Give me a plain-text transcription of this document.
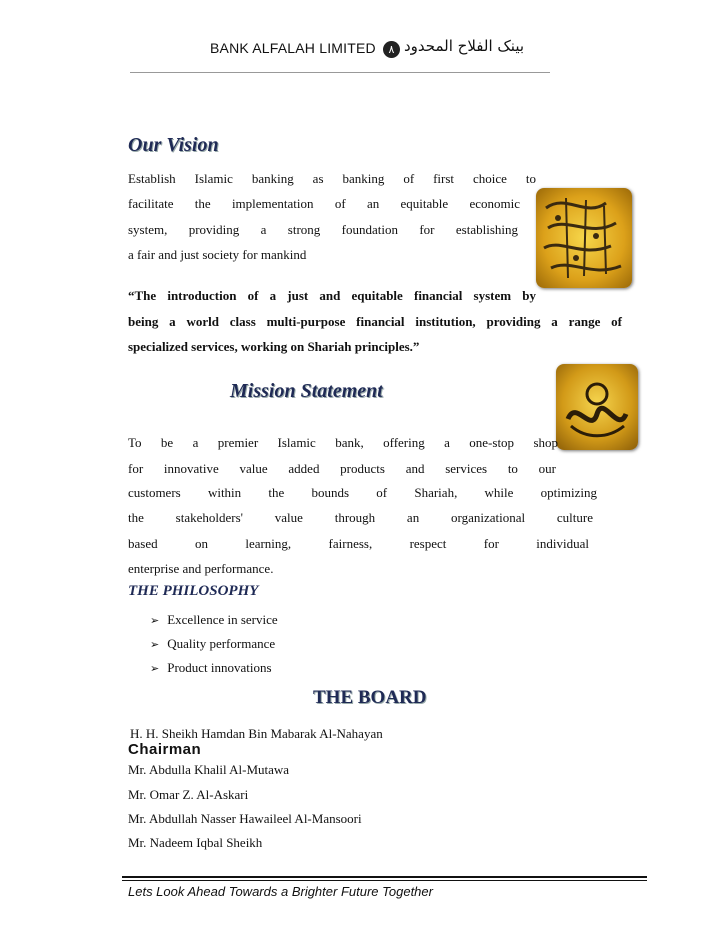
BANK ALFALAH LIMITED	٨ بینک الفلاح المحدود
Our Vision
Establish Islamic banking as banking of first choice to
facilitate the implementation of an equitable economic
system, providing a strong foundation for establishing
a fair and just society for mankind
“The introduction of a just and equitable financial system by
being a world class multi-purpose financial institution, providing a range of
specialized services, working on Shariah principles.”
Mission Statement
To be a premier Islamic bank, offering a one-stop shop
for innovative value added products and services to our
customers within the bounds of Shariah, while optimizing
the stakeholders' value through an organizational culture
based on learning, fairness, respect for individual
enterprise and performance.
THE PHILOSOPHY
➢ Excellence in service
➢ Quality performance
➢ Product innovations
THE BOARD
H. H. Sheikh Hamdan Bin Mabarak Al-Nahayan
Chairman
Mr. Abdulla Khalil Al-Mutawa
Mr. Omar Z. Al-Askari
Mr. Abdullah Nasser Hawaileel Al-Mansoori
Mr. Nadeem Iqbal Sheikh
Lets Look Ahead Towards a Brighter Future Together
